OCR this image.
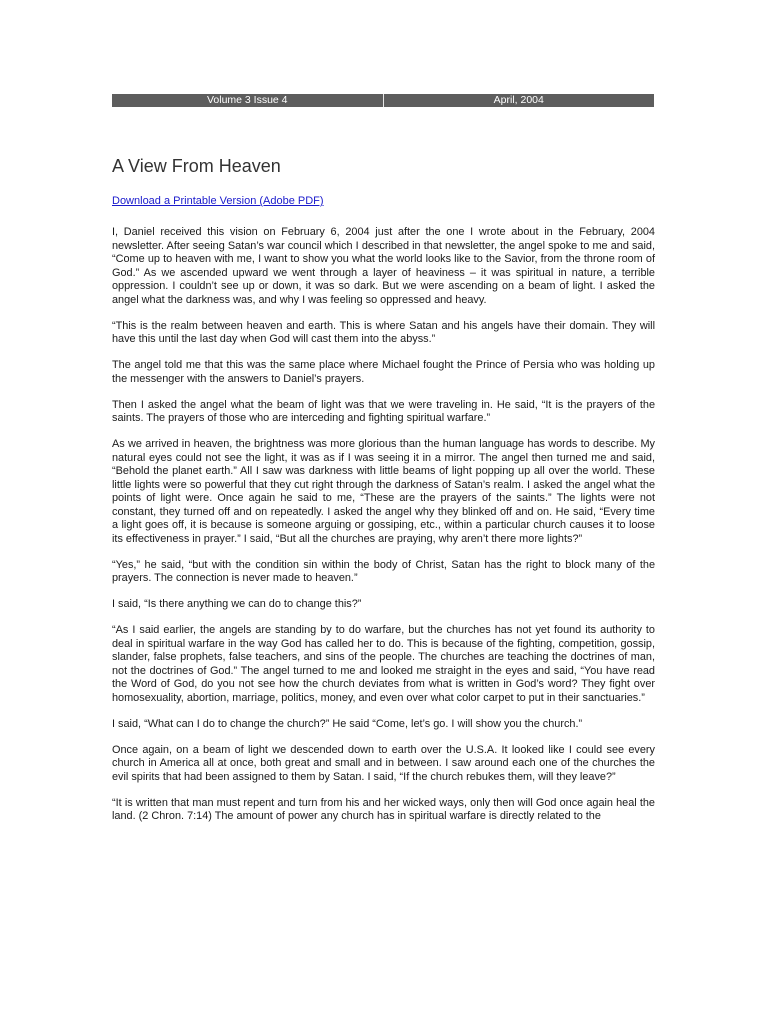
Volume 3 Issue 4	April, 2004
A View From Heaven
Download a Printable Version (Adobe PDF)

I, Daniel received this vision on February 6, 2004 just after the one I wrote about in the February, 2004 newsletter. After seeing Satan’s war council which I described in that newsletter, the angel spoke to me and said, “Come up to heaven with me, I want to show you what the world looks like to the Savior, from the throne room of God.” As we ascended upward we went through a layer of heaviness – it was spiritual in nature, a terrible oppression. I couldn’t see up or down, it was so dark. But we were ascending on a beam of light. I asked the angel what the darkness was, and why I was feeling so oppressed and heavy.

“This is the realm between heaven and earth. This is where Satan and his angels have their domain. They will have this until the last day when God will cast them into the abyss.”

The angel told me that this was the same place where Michael fought the Prince of Persia who was holding up the messenger with the answers to Daniel’s prayers.

Then I asked the angel what the beam of light was that we were traveling in. He said, “It is the prayers of the saints. The prayers of those who are interceding and fighting spiritual warfare.”

As we arrived in heaven, the brightness was more glorious than the human language has words to describe. My natural eyes could not see the light, it was as if I was seeing it in a mirror. The angel then turned me and said, “Behold the planet earth.” All I saw was darkness with little beams of light popping up all over the world. These little lights were so powerful that they cut right through the darkness of Satan’s realm. I asked the angel what the points of light were. Once again he said to me, “These are the prayers of the saints.” The lights were not constant, they turned off and on repeatedly. I asked the angel why they blinked off and on. He said, “Every time a light goes off, it is because is someone arguing or gossiping, etc., within a particular church causes it to loose its effectiveness in prayer.” I said, “But all the churches are praying, why aren’t there more lights?”

“Yes,” he said, “but with the condition sin within the body of Christ, Satan has the right to block many of the prayers. The connection is never made to heaven.”

I said, “Is there anything we can do to change this?”

“As I said earlier, the angels are standing by to do warfare, but the churches has not yet found its authority to deal in spiritual warfare in the way God has called her to do. This is because of the fighting, competition, gossip, slander, false prophets, false teachers, and sins of the people. The churches are teaching the doctrines of man, not the doctrines of God.” The angel turned to me and looked me straight in the eyes and said, “You have read the Word of God, do you not see how the church deviates from what is written in God’s word? They fight over homosexuality, abortion, marriage, politics, money, and even over what color carpet to put in their sanctuaries.”

I said, “What can I do to change the church?” He said “Come, let’s go. I will show you the church.”

Once again, on a beam of light we descended down to earth over the U.S.A. It looked like I could see every church in America all at once, both great and small and in between. I saw around each one of the churches the evil spirits that had been assigned to them by Satan. I said, “If the church rebukes them, will they leave?”

“It is written that man must repent and turn from his and her wicked ways, only then will God once again heal the land. (2 Chron. 7:14) The amount of power any church has in spiritual warfare is directly related to the
